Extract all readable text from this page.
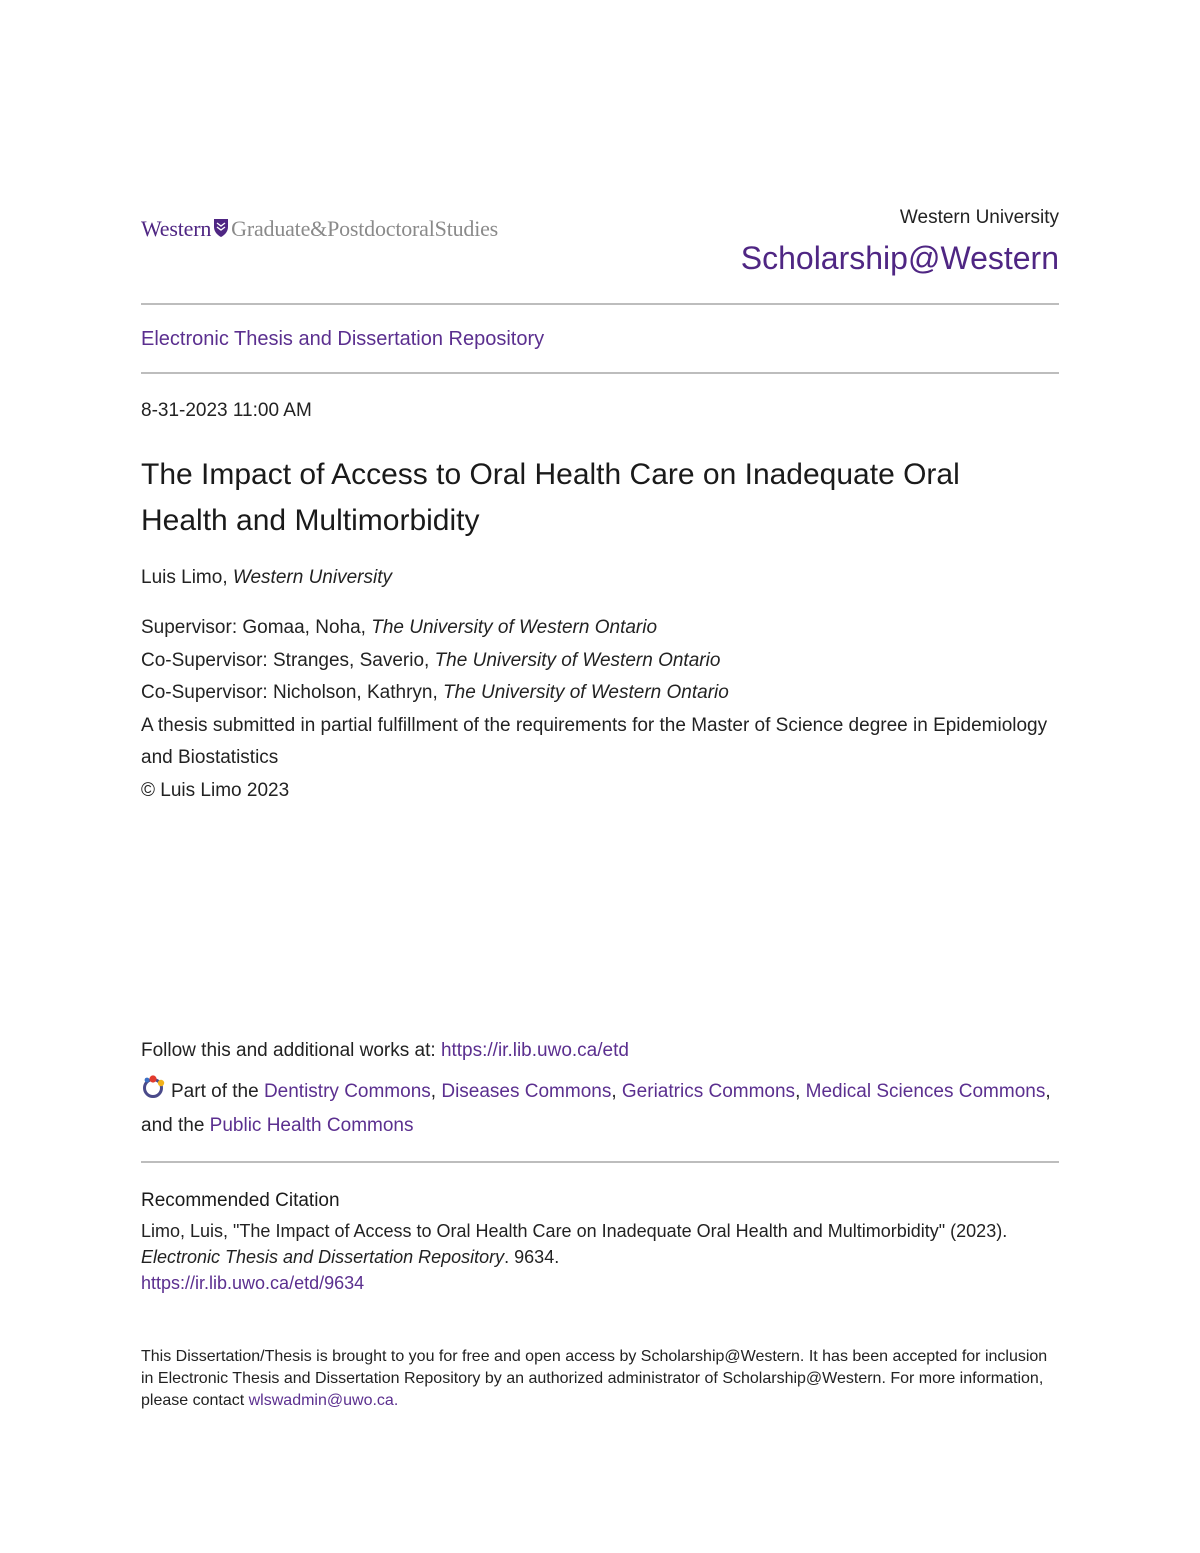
Western Graduate&PostdoctoralStudies	Western University
Scholarship@Western
Electronic Thesis and Dissertation Repository
8-31-2023 11:00 AM
The Impact of Access to Oral Health Care on Inadequate Oral Health and Multimorbidity
Luis Limo, Western University
Supervisor: Gomaa, Noha, The University of Western Ontario
Co-Supervisor: Stranges, Saverio, The University of Western Ontario
Co-Supervisor: Nicholson, Kathryn, The University of Western Ontario
A thesis submitted in partial fulfillment of the requirements for the Master of Science degree in Epidemiology and Biostatistics
© Luis Limo 2023
Follow this and additional works at: https://ir.lib.uwo.ca/etd
Part of the Dentistry Commons, Diseases Commons, Geriatrics Commons, Medical Sciences Commons, and the Public Health Commons
Recommended Citation
Limo, Luis, "The Impact of Access to Oral Health Care on Inadequate Oral Health and Multimorbidity" (2023). Electronic Thesis and Dissertation Repository. 9634.
https://ir.lib.uwo.ca/etd/9634
This Dissertation/Thesis is brought to you for free and open access by Scholarship@Western. It has been accepted for inclusion in Electronic Thesis and Dissertation Repository by an authorized administrator of Scholarship@Western. For more information, please contact wlswadmin@uwo.ca.
